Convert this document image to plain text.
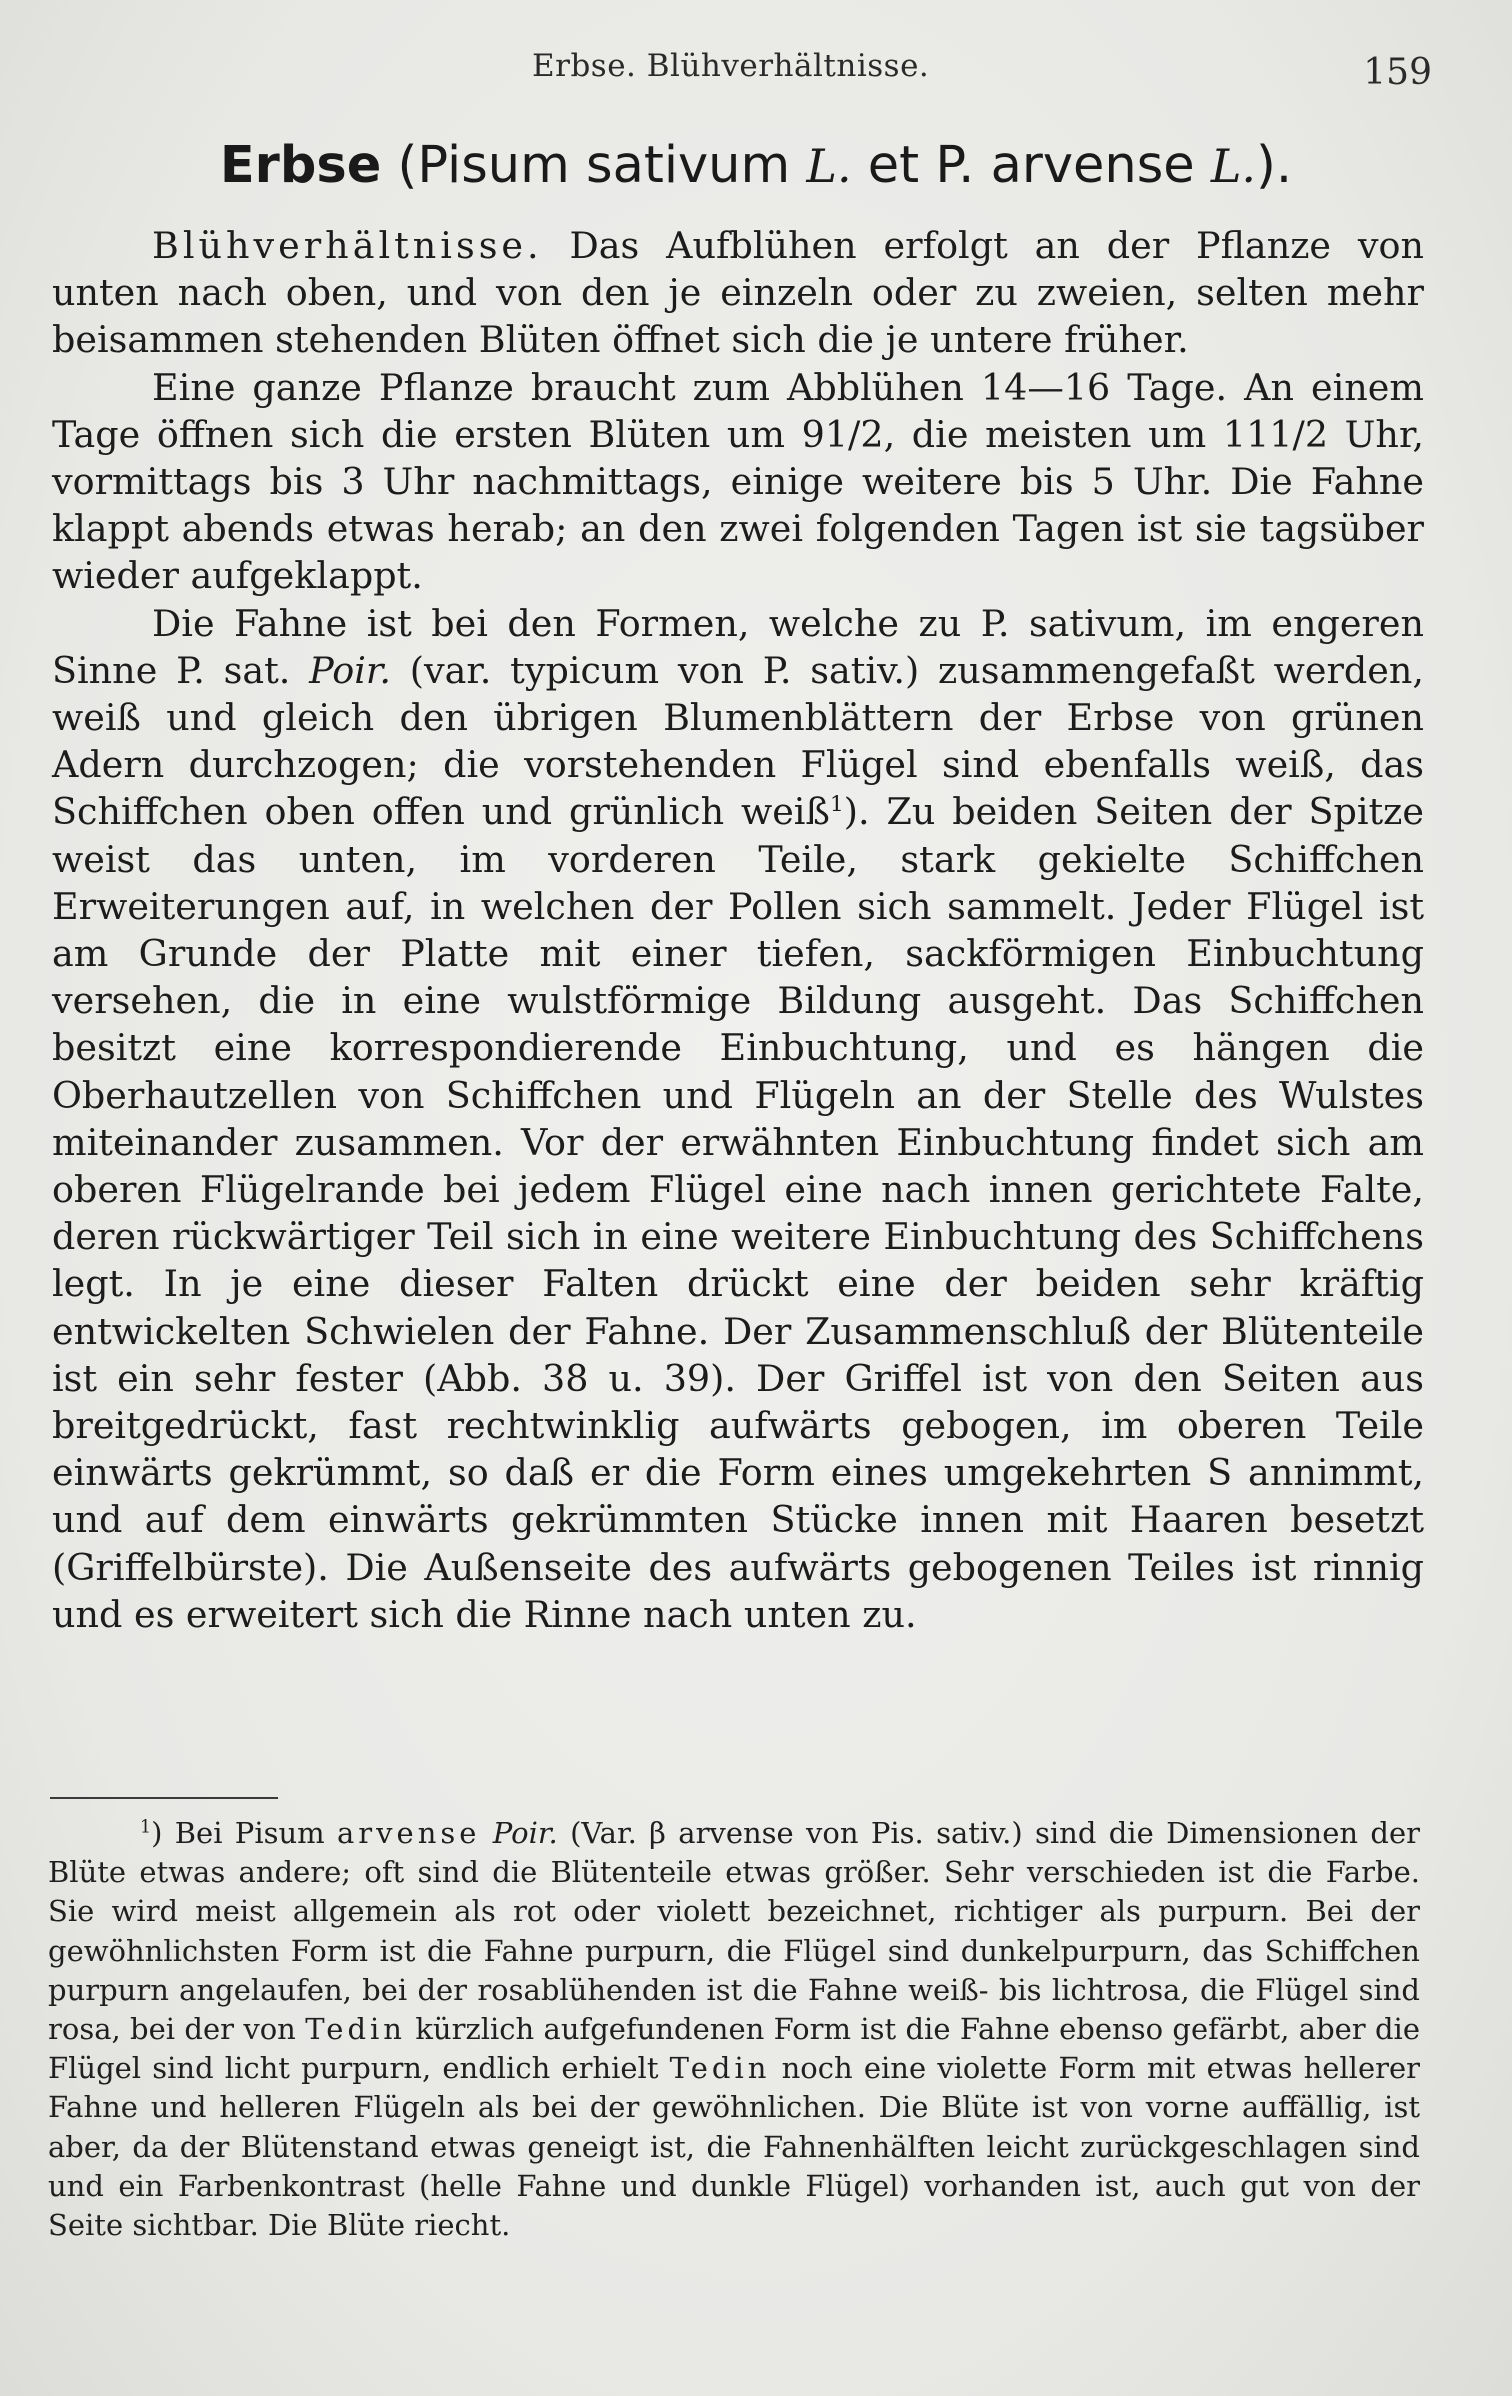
Erbse. Blühverhältnisse.	159
Erbse (Pisum sativum L. et P. arvense L.).

Blühverhältnisse. Das Aufblühen erfolgt an der Pflanze von unten nach oben, und von den je einzeln oder zu zweien, selten mehr beisammen stehenden Blüten öffnet sich die je untere früher.

Eine ganze Pflanze braucht zum Abblühen 14—16 Tage. An einem Tage öffnen sich die ersten Blüten um 91/2, die meisten um 111/2 Uhr, vormittags bis 3 Uhr nachmittags, einige weitere bis 5 Uhr. Die Fahne klappt abends etwas herab; an den zwei folgenden Tagen ist sie tagsüber wieder aufgeklappt.

Die Fahne ist bei den Formen, welche zu P. sativum, im engeren Sinne P. sat. Poir. (var. typicum von P. sativ.) zusammengefaßt werden, weiß und gleich den übrigen Blumenblättern der Erbse von grünen Adern durchzogen; die vorstehenden Flügel sind ebenfalls weiß, das Schiffchen oben offen und grünlich weiß$^1$). Zu beiden Seiten der Spitze weist das unten, im vorderen Teile, stark gekielte Schiffchen Erweiterungen auf, in welchen der Pollen sich sammelt. Jeder Flügel ist am Grunde der Platte mit einer tiefen, sackförmigen Einbuchtung versehen, die in eine wulstförmige Bildung ausgeht. Das Schiffchen besitzt eine korrespondierende Einbuchtung, und es hängen die Oberhautzellen von Schiffchen und Flügeln an der Stelle des Wulstes miteinander zusammen. Vor der erwähnten Einbuchtung findet sich am oberen Flügelrande bei jedem Flügel eine nach innen gerichtete Falte, deren rückwärtiger Teil sich in eine weitere Einbuchtung des Schiffchens legt. In je eine dieser Falten drückt eine der beiden sehr kräftig entwickelten Schwielen der Fahne. Der Zusammenschluß der Blütenteile ist ein sehr fester (Abb. 38 u. 39). Der Griffel ist von den Seiten aus breitgedrückt, fast rechtwinklig aufwärts gebogen, im oberen Teile einwärts gekrümmt, so daß er die Form eines umgekehrten S annimmt, und auf dem einwärts gekrümmten Stücke innen mit Haaren besetzt (Griffelbürste). Die Außenseite des aufwärts gebogenen Teiles ist rinnig und es erweitert sich die Rinne nach unten zu.

$^1$) Bei Pisum arvense Poir. (Var. β arvense von Pis. sativ.) sind die Dimensionen der Blüte etwas andere; oft sind die Blütenteile etwas größer. Sehr verschieden ist die Farbe. Sie wird meist allgemein als rot oder violett bezeichnet, richtiger als purpurn. Bei der gewöhnlichsten Form ist die Fahne purpurn, die Flügel sind dunkelpurpurn, das Schiffchen purpurn angelaufen, bei der rosablühenden ist die Fahne weiß- bis lichtrosa, die Flügel sind rosa, bei der von Tedin kürzlich aufgefundenen Form ist die Fahne ebenso gefärbt, aber die Flügel sind licht purpurn, endlich erhielt Tedin noch eine violette Form mit etwas hellerer Fahne und helleren Flügeln als bei der gewöhnlichen. Die Blüte ist von vorne auffällig, ist aber, da der Blütenstand etwas geneigt ist, die Fahnenhälften leicht zurückgeschlagen sind und ein Farbenkontrast (helle Fahne und dunkle Flügel) vorhanden ist, auch gut von der Seite sichtbar. Die Blüte riecht.
